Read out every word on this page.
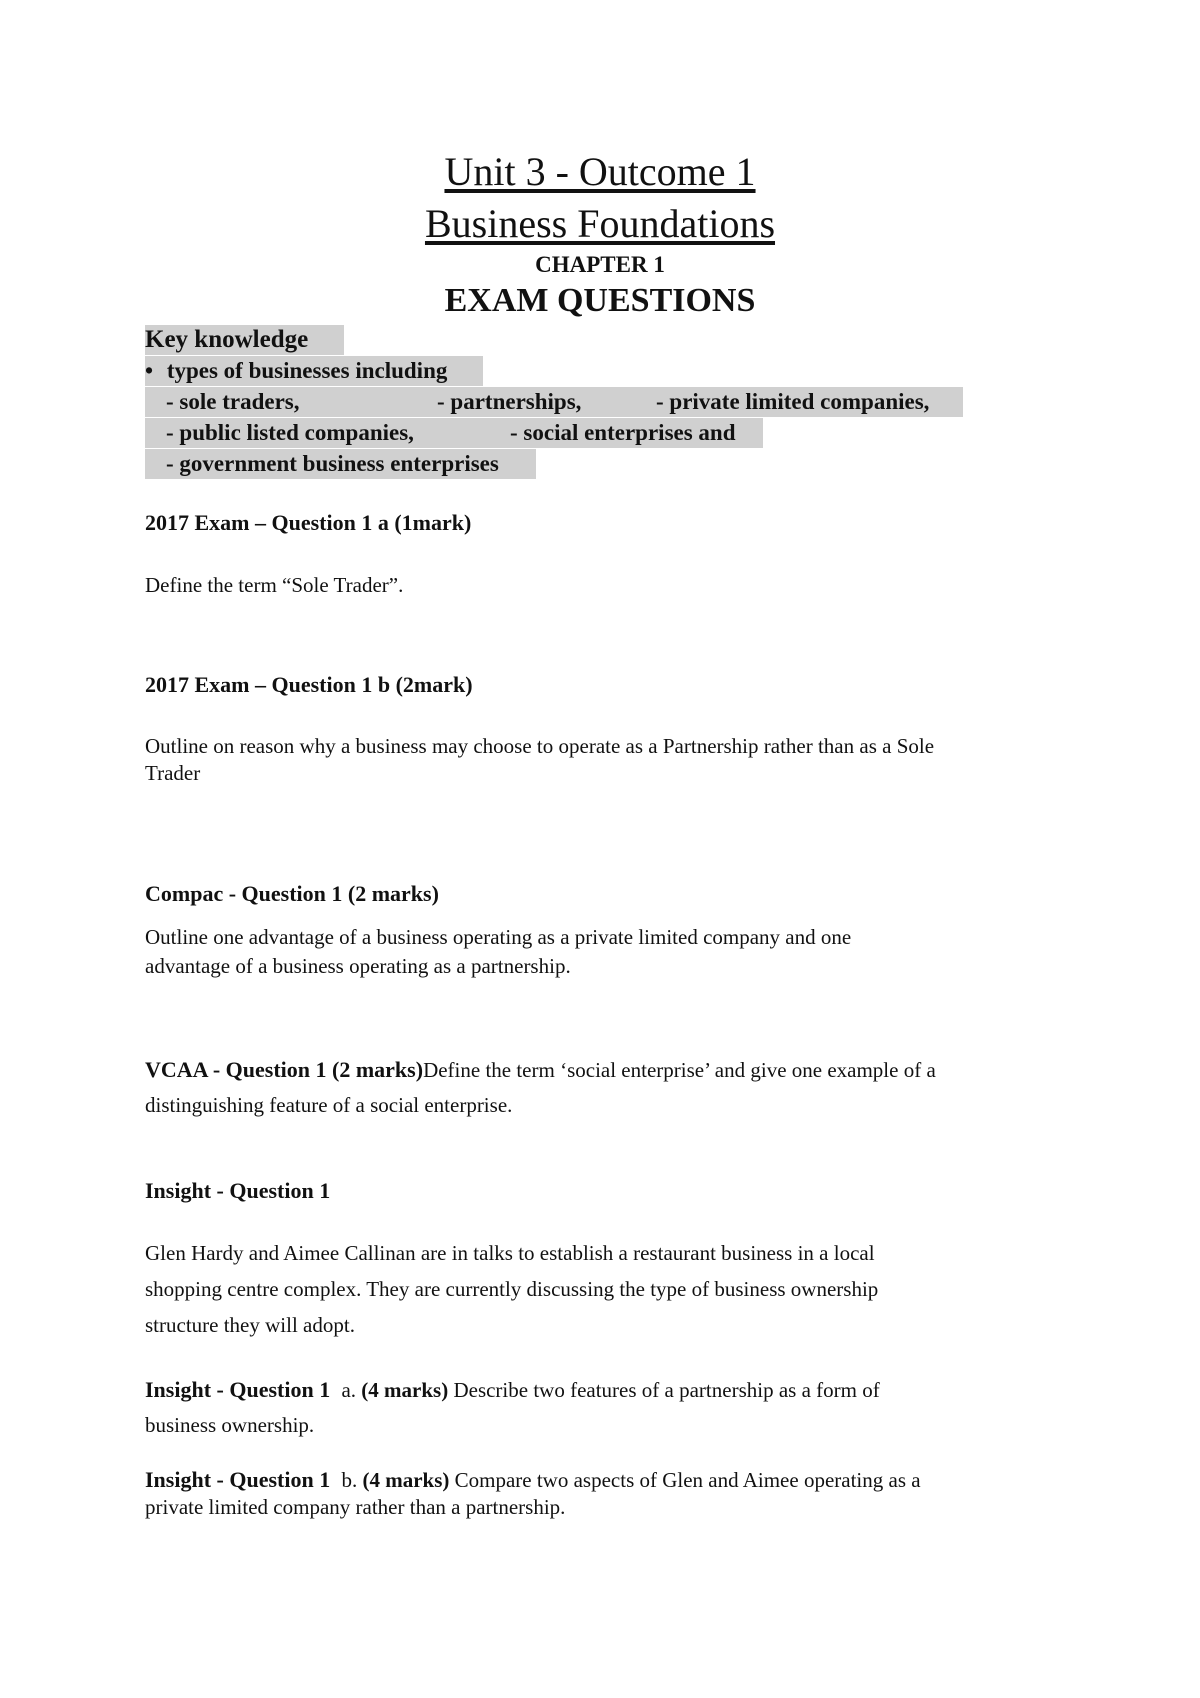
Unit 3 - Outcome 1
Business Foundations
CHAPTER 1
EXAM QUESTIONS
Key knowledge
• types of businesses including
- sole traders,	- partnerships,	- private limited companies,
- public listed companies,	- social enterprises and
- government business enterprises
2017 Exam – Question 1 a (1mark)
Define the term “Sole Trader”.
2017 Exam – Question 1 b (2mark)
Outline on reason why a business may choose to operate as a Partnership rather than as a Sole
Trader
Compac - Question 1 (2 marks)
Outline one advantage of a business operating as a private limited company and one
advantage of a business operating as a partnership.
VCAA - Question 1 (2 marks)Define the term ‘social enterprise’ and give one example of a
distinguishing feature of a social enterprise.
Insight - Question 1
Glen Hardy and Aimee Callinan are in talks to establish a restaurant business in a local
shopping centre complex. They are currently discussing the type of business ownership
structure they will adopt.
Insight - Question 1 a. (4 marks) Describe two features of a partnership as a form of
business ownership.
Insight - Question 1 b. (4 marks) Compare two aspects of Glen and Aimee operating as a
private limited company rather than a partnership.
